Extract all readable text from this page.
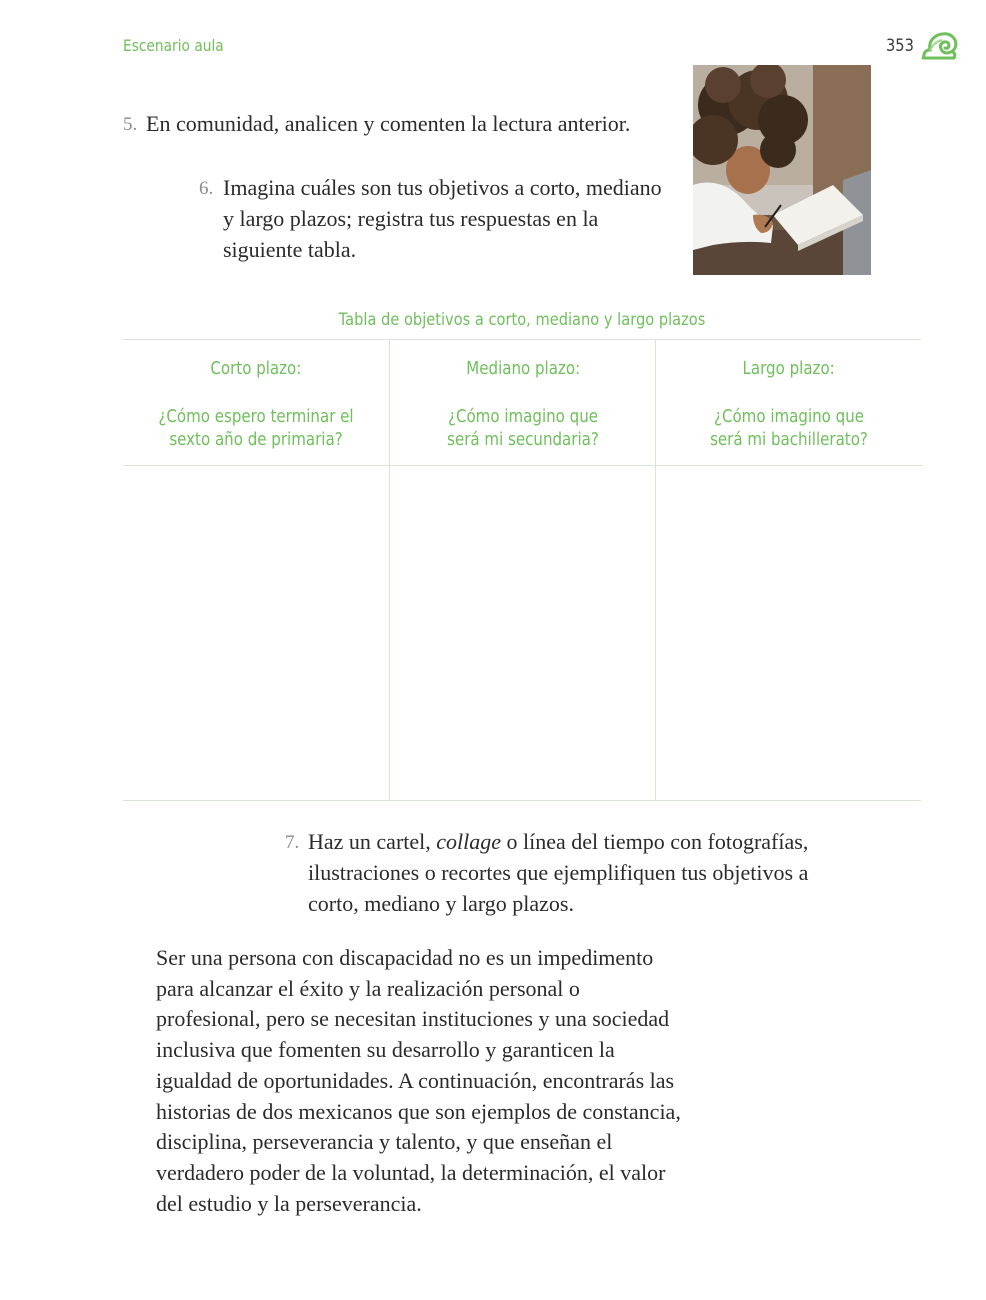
Escenario aula	353
5. En comunidad, analicen y comenten la lectura anterior.
6. Imagina cuáles son tus objetivos a corto, mediano y largo plazos; registra tus respuestas en la siguiente tabla.
Tabla de objetivos a corto, mediano y largo plazos
Corto plazo:
¿Cómo espero terminar el sexto año de primaria?
Mediano plazo:
¿Cómo imagino que será mi secundaria?
Largo plazo:
¿Cómo imagino que será mi bachillerato?
7. Haz un cartel, collage o línea del tiempo con fotografías, ilustraciones o recortes que ejemplifiquen tus objetivos a corto, mediano y largo plazos.
Ser una persona con discapacidad no es un impedimento para alcanzar el éxito y la realización personal o profesional, pero se necesitan instituciones y una sociedad inclusiva que fomenten su desarrollo y garanticen la igualdad de oportunidades. A continuación, encontrarás las historias de dos mexicanos que son ejemplos de constancia, disciplina, perseverancia y talento, y que enseñan el verdadero poder de la voluntad, la determinación, el valor del estudio y la perseverancia.
